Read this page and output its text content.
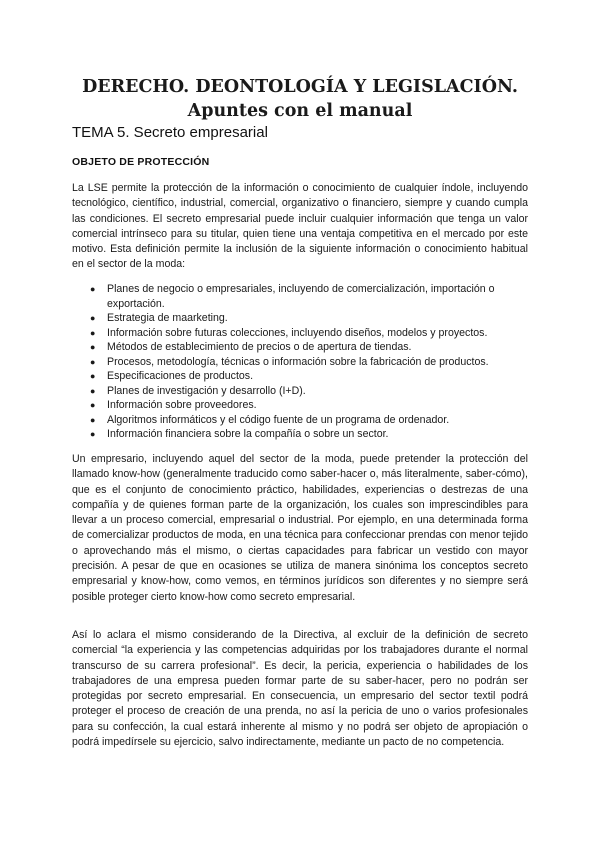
DERECHO. DEONTOLOGÍA Y LEGISLACIÓN.
Apuntes con el manual
TEMA 5. Secreto empresarial
OBJETO DE PROTECCIÓN

La LSE permite la protección de la información o conocimiento de cualquier índole, incluyendo tecnológico, científico, industrial, comercial, organizativo o financiero, siempre y cuando cumpla las condiciones. El secreto empresarial puede incluir cualquier información que tenga un valor comercial intrínseco para su titular, quien tiene una ventaja competitiva en el mercado por este motivo. Esta definición permite la inclusión de la siguiente información o conocimiento habitual en el sector de la moda:

● Planes de negocio o empresariales, incluyendo de comercialización, importación o exportación.
● Estrategia de maarketing.
● Información sobre futuras colecciones, incluyendo diseños, modelos y proyectos.
● Métodos de establecimiento de precios o de apertura de tiendas.
● Procesos, metodología, técnicas o información sobre la fabricación de productos.
● Especificaciones de productos.
● Planes de investigación y desarrollo (I+D).
● Información sobre proveedores.
● Algoritmos informáticos y el código fuente de un programa de ordenador.
● Información financiera sobre la compañía o sobre un sector.

Un empresario, incluyendo aquel del sector de la moda, puede pretender la protección del llamado know-how (generalmente traducido como saber-hacer o, más literalmente, saber-cómo), que es el conjunto de conocimiento práctico, habilidades, experiencias o destrezas de una compañía y de quienes forman parte de la organización, los cuales son imprescindibles para llevar a un proceso comercial, empresarial o industrial. Por ejemplo, en una determinada forma de comercializar productos de moda, en una técnica para confeccionar prendas con menor tejido o aprovechando más el mismo, o ciertas capacidades para fabricar un vestido con mayor precisión. A pesar de que en ocasiones se utiliza de manera sinónima los conceptos secreto empresarial y know-how, como vemos, en términos jurídicos son diferentes y no siempre será posible proteger cierto know-how como secreto empresarial.

Así lo aclara el mismo considerando de la Directiva, al excluir de la definición de secreto comercial “la experiencia y las competencias adquiridas por los trabajadores durante el normal transcurso de su carrera profesional”. Es decir, la pericia, experiencia o habilidades de los trabajadores de una empresa pueden formar parte de su saber-hacer, pero no podrán ser protegidas por secreto empresarial. En consecuencia, un empresario del sector textil podrá proteger el proceso de creación de una prenda, no así la pericia de uno o varios profesionales para su confección, la cual estará inherente al mismo y no podrá ser objeto de apropiación o podrá impedírsele su ejercicio, salvo indirectamente, mediante un pacto de no competencia.
